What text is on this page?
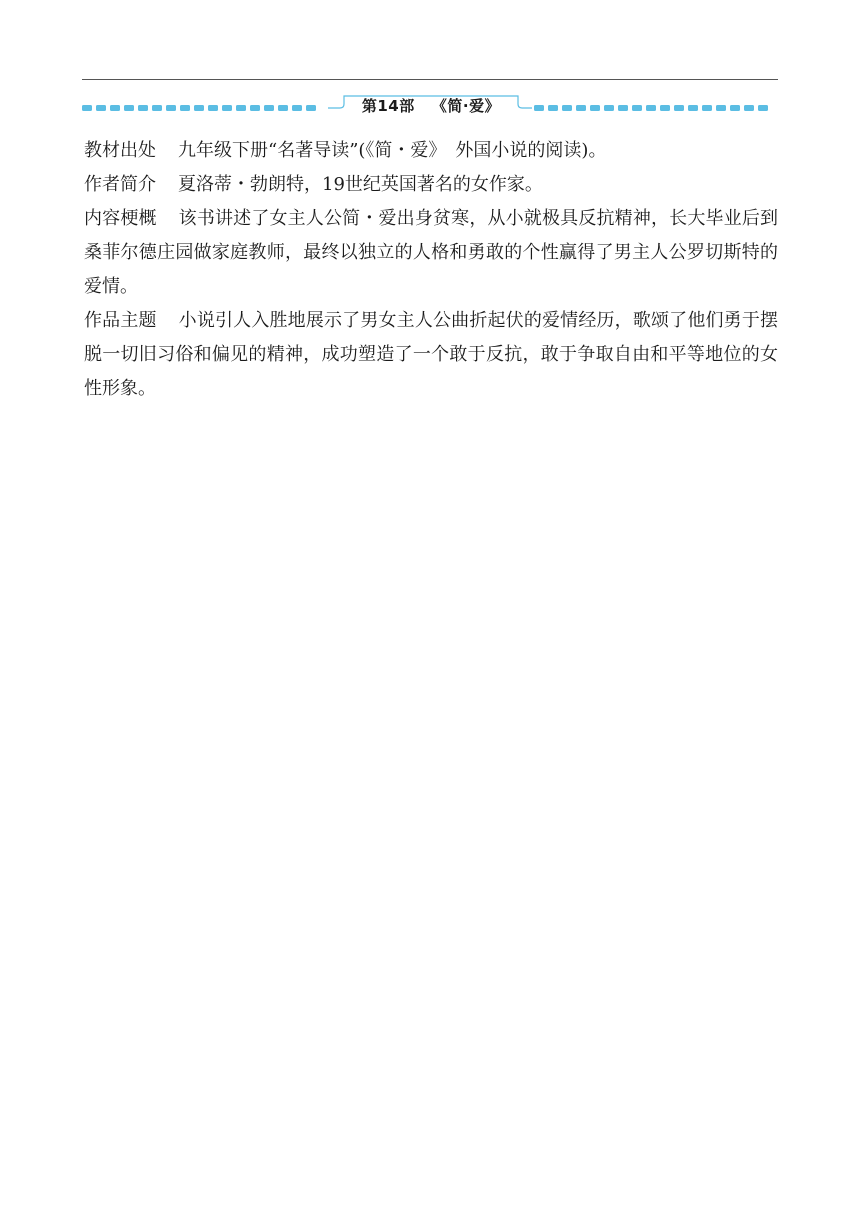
第14部 《简·爱》

教材出处 九年级下册“名著导读”(《简・爱》　外国小说的阅读)。

作者简介 夏洛蒂・勃朗特，19世纪英国著名的女作家。

内容梗概 该书讲述了女主人公简・爱出身贫寒，从小就极具反抗精神，长大毕业后到桑菲尔德庄园做家庭教师，最终以独立的人格和勇敢的个性赢得了男主人公罗切斯特的爱情。

作品主题 小说引人入胜地展示了男女主人公曲折起伏的爱情经历，歌颂了他们勇于摆脱一切旧习俗和偏见的精神，成功塑造了一个敢于反抗，敢于争取自由和平等地位的女性形象。
